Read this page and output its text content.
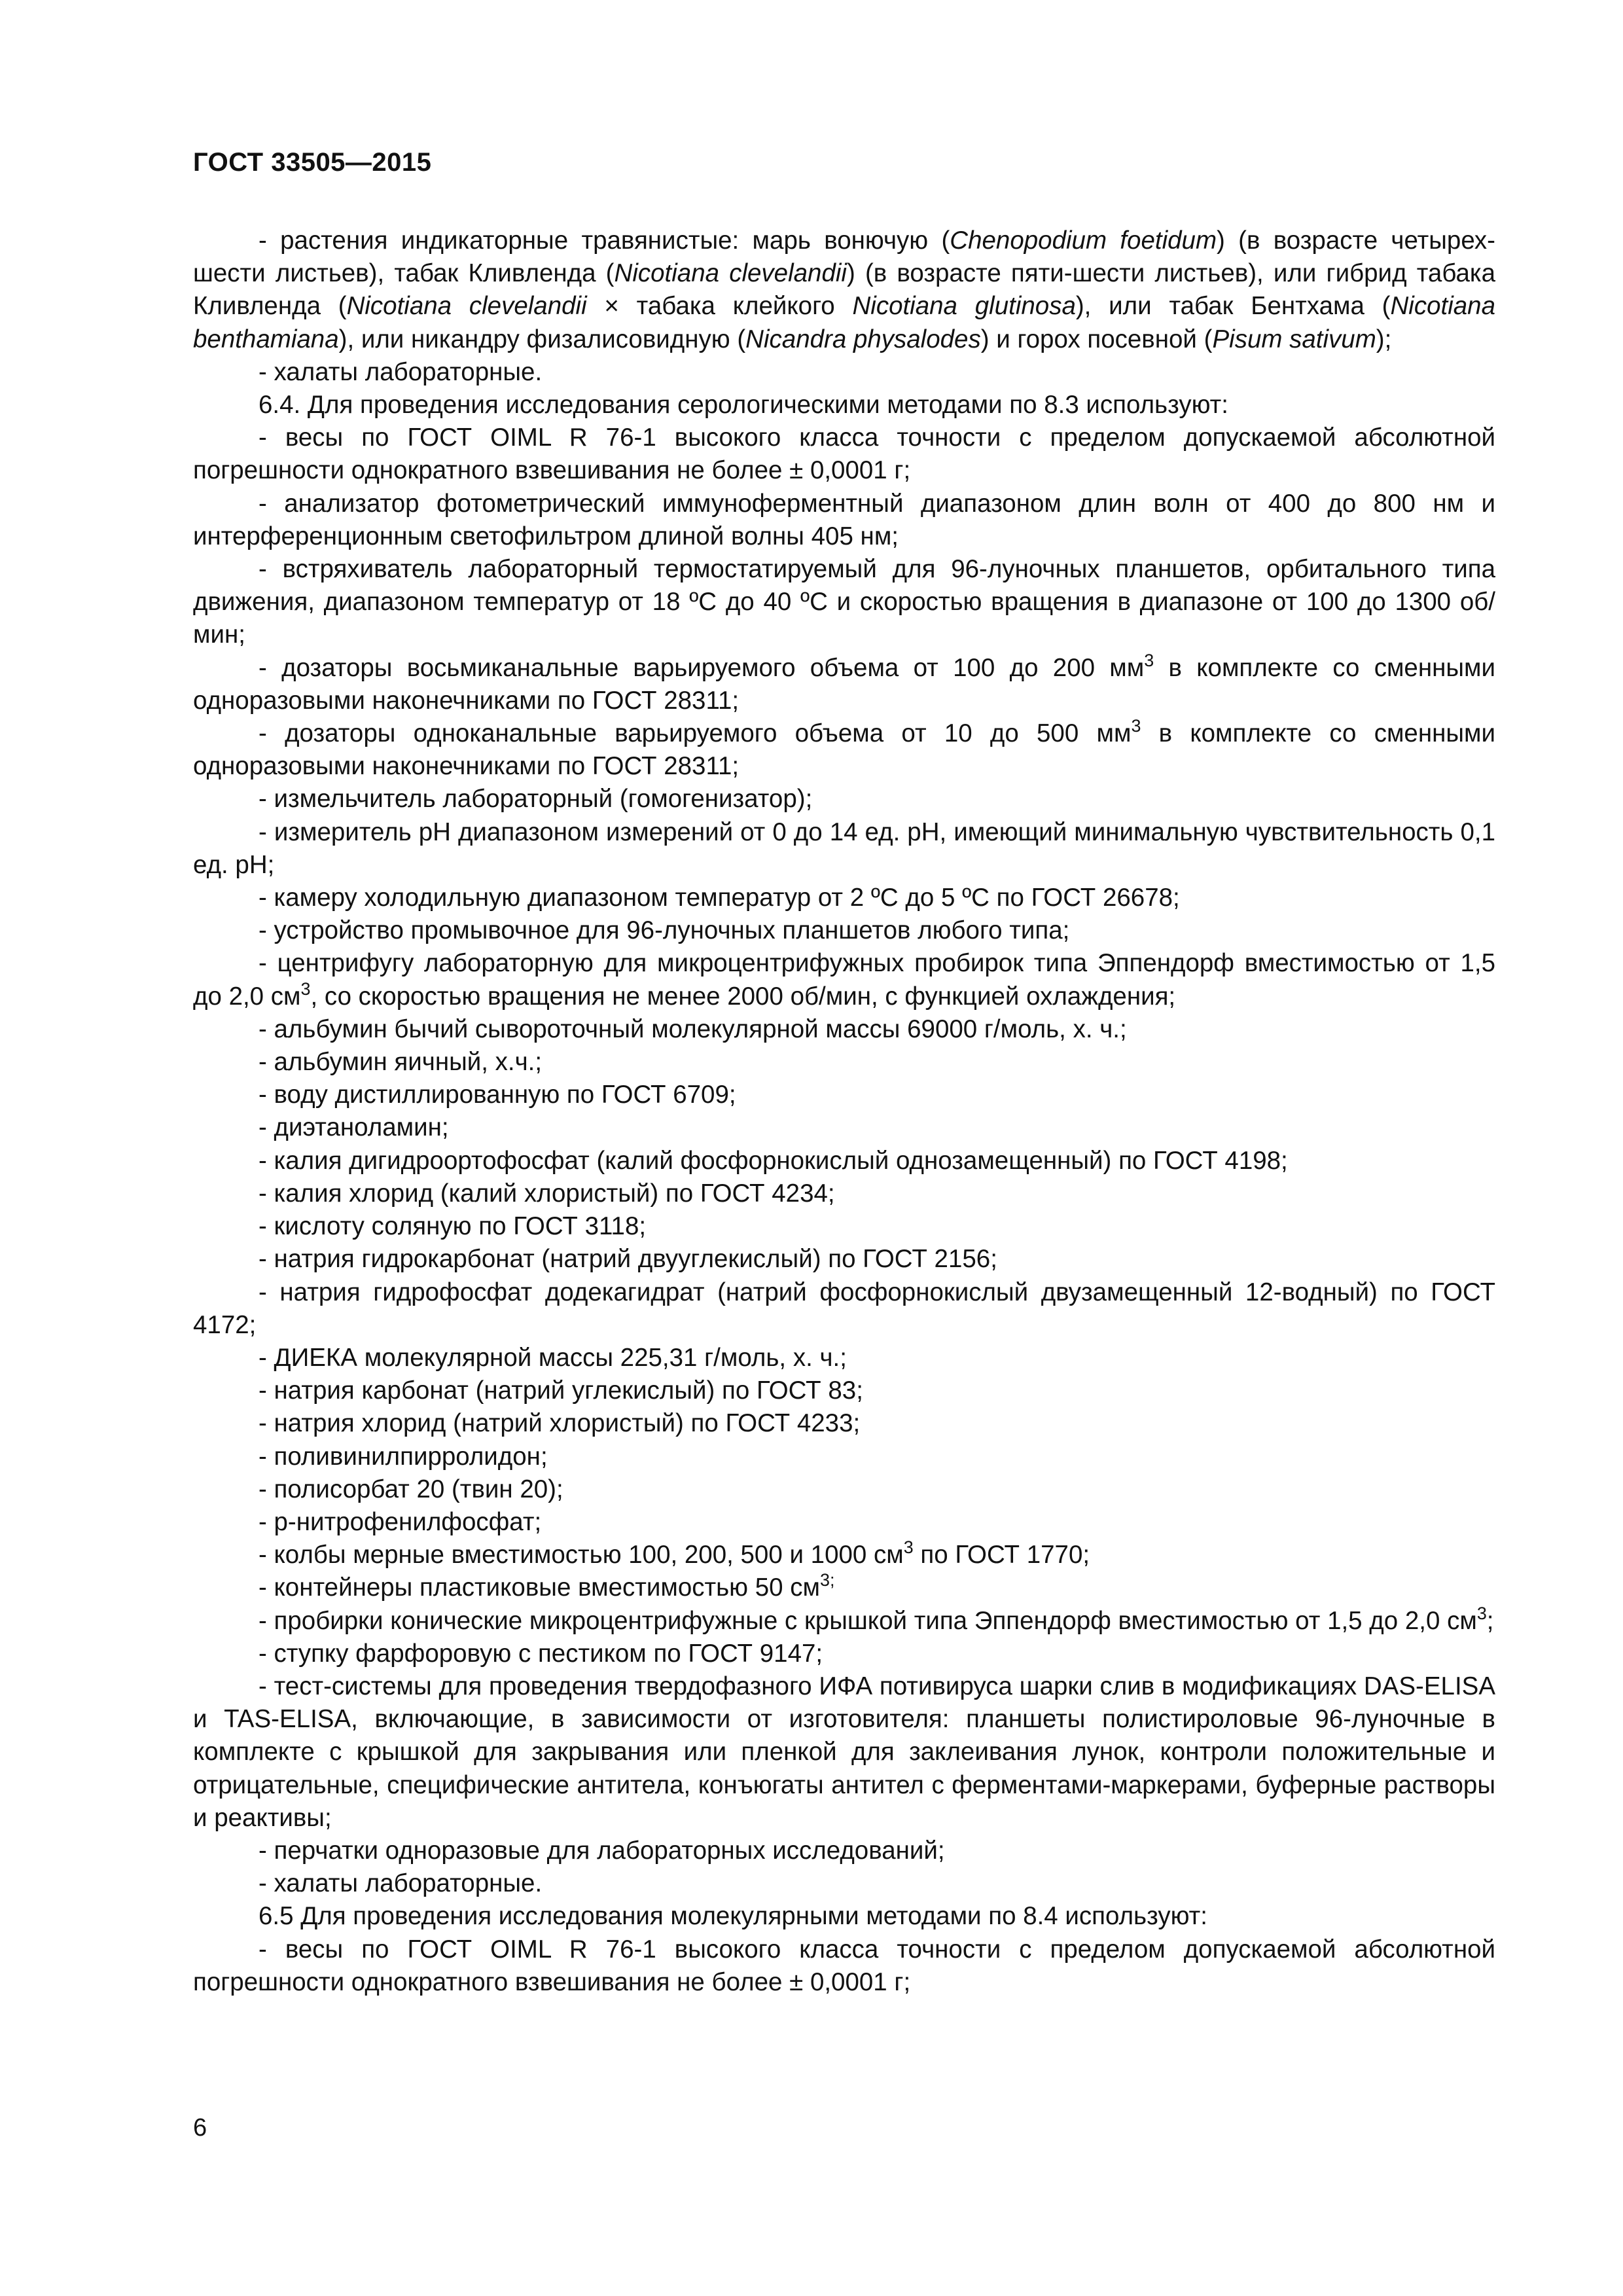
ГОСТ 33505—2015

- растения индикаторные травянистые: марь вонючую (Chenopodium foetidum) (в возрасте четырех-шести листьев), табак Кливленда (Nicotiana clevelandii) (в возрасте пяти-шести листьев), или гибрид табака Кливленда (Nicotiana clevelandii × табака клейкого Nicotiana glutinosa), или табак Бентхама (Nicotiana benthamiana), или никандру физалисовидную (Nicandra physalodes) и горох посевной (Pisum sativum);

- халаты лабораторные.

6.4. Для проведения исследования серологическими методами по 8.3 используют:

- весы по ГОСТ OIML R 76-1 высокого класса точности с пределом допускаемой абсолютной погрешности однократного взвешивания не более ± 0,0001 г;

- анализатор фотометрический иммуноферментный диапазоном длин волн от 400 до 800 нм и интерференционным светофильтром длиной волны 405 нм;

- встряхиватель лабораторный термостатируемый для 96-луночных планшетов, орбитального типа движения, диапазоном температур от 18 ºС до 40 ºС и скоростью вращения в диапазоне от 100 до 1300 об/мин;

- дозаторы восьмиканальные варьируемого объема от 100 до 200 $мм^3$ в комплекте со сменными одноразовыми наконечниками по ГОСТ 28311;

- дозаторы одноканальные варьируемого объема от 10 до 500 $мм^3$ в комплекте со сменными одноразовыми наконечниками по ГОСТ 28311;

- измельчитель лабораторный (гомогенизатор);

- измеритель pH диапазоном измерений от 0 до 14 ед. pH, имеющий минимальную чувствительность 0,1 ед. pH;

- камеру холодильную диапазоном температур от 2 ºС до 5 ºС по ГОСТ 26678;

- устройство промывочное для 96-луночных планшетов любого типа;

- центрифугу лабораторную для микроцентрифужных пробирок типа Эппендорф вместимостью от 1,5 до 2,0 $см^3$, со скоростью вращения не менее 2000 об/мин, с функцией охлаждения;

- альбумин бычий сывороточный молекулярной массы 69000 г/моль, х. ч.;

- альбумин яичный, х.ч.;

- воду дистиллированную по ГОСТ 6709;

- диэтаноламин;

- калия дигидроортофосфат (калий фосфорнокислый однозамещенный) по ГОСТ 4198;

- калия хлорид (калий хлористый) по ГОСТ 4234;

- кислоту соляную по ГОСТ 3118;

- натрия гидрокарбонат (натрий двууглекислый) по ГОСТ 2156;

- натрия гидрофосфат додекагидрат (натрий фосфорнокислый двузамещенный 12-водный) по ГОСТ 4172;

- ДИЕКА молекулярной массы 225,31 г/моль, х. ч.;

- натрия карбонат (натрий углекислый) по ГОСТ 83;

- натрия хлорид (натрий хлористый) по ГОСТ 4233;

- поливинилпирролидон;

- полисорбат 20 (твин 20);

- р-нитрофенилфосфат;

- колбы мерные вместимостью 100, 200, 500 и 1000 $см^3$ по ГОСТ 1770;

- контейнеры пластиковые вместимостью 50 $см^{3;}$

- пробирки конические микроцентрифужные с крышкой типа Эппендорф вместимостью от 1,5 до 2,0 $см^3$;

- ступку фарфоровую с пестиком по ГОСТ 9147;

- тест-системы для проведения твердофазного ИФА потивируса шарки слив в модификациях DAS-ELISA и TAS-ELISA, включающие, в зависимости от изготовителя: планшеты полистироловые 96-луночные в комплекте с крышкой для закрывания или пленкой для заклеивания лунок, контроли положительные и отрицательные, специфические антитела, конъюгаты антител с ферментами-маркерами, буферные растворы и реактивы;

- перчатки одноразовые для лабораторных исследований;

- халаты лабораторные.

6.5 Для проведения исследования молекулярными методами по 8.4 используют:

- весы по ГОСТ OIML R 76-1 высокого класса точности с пределом допускаемой абсолютной погрешности однократного взвешивания не более ± 0,0001 г;

6
